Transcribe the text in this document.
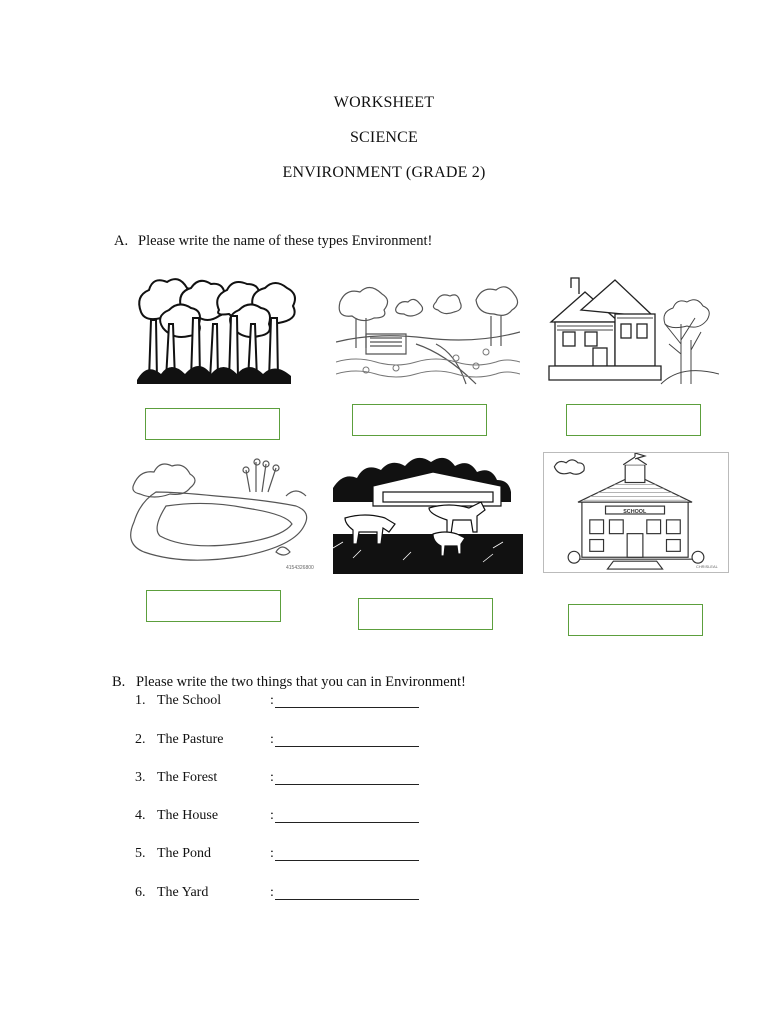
WORKSHEET
SCIENCE
ENVIRONMENT (GRADE 2)
A. Please write the name of these types Environment!
4154326800
SCHOOL
CHRISLEAL
B. Please write the two things that you can in Environment!
1. The School	:
2. The Pasture	:
3. The Forest	:
4. The House	:
5. The Pond	:
6. The Yard	:
